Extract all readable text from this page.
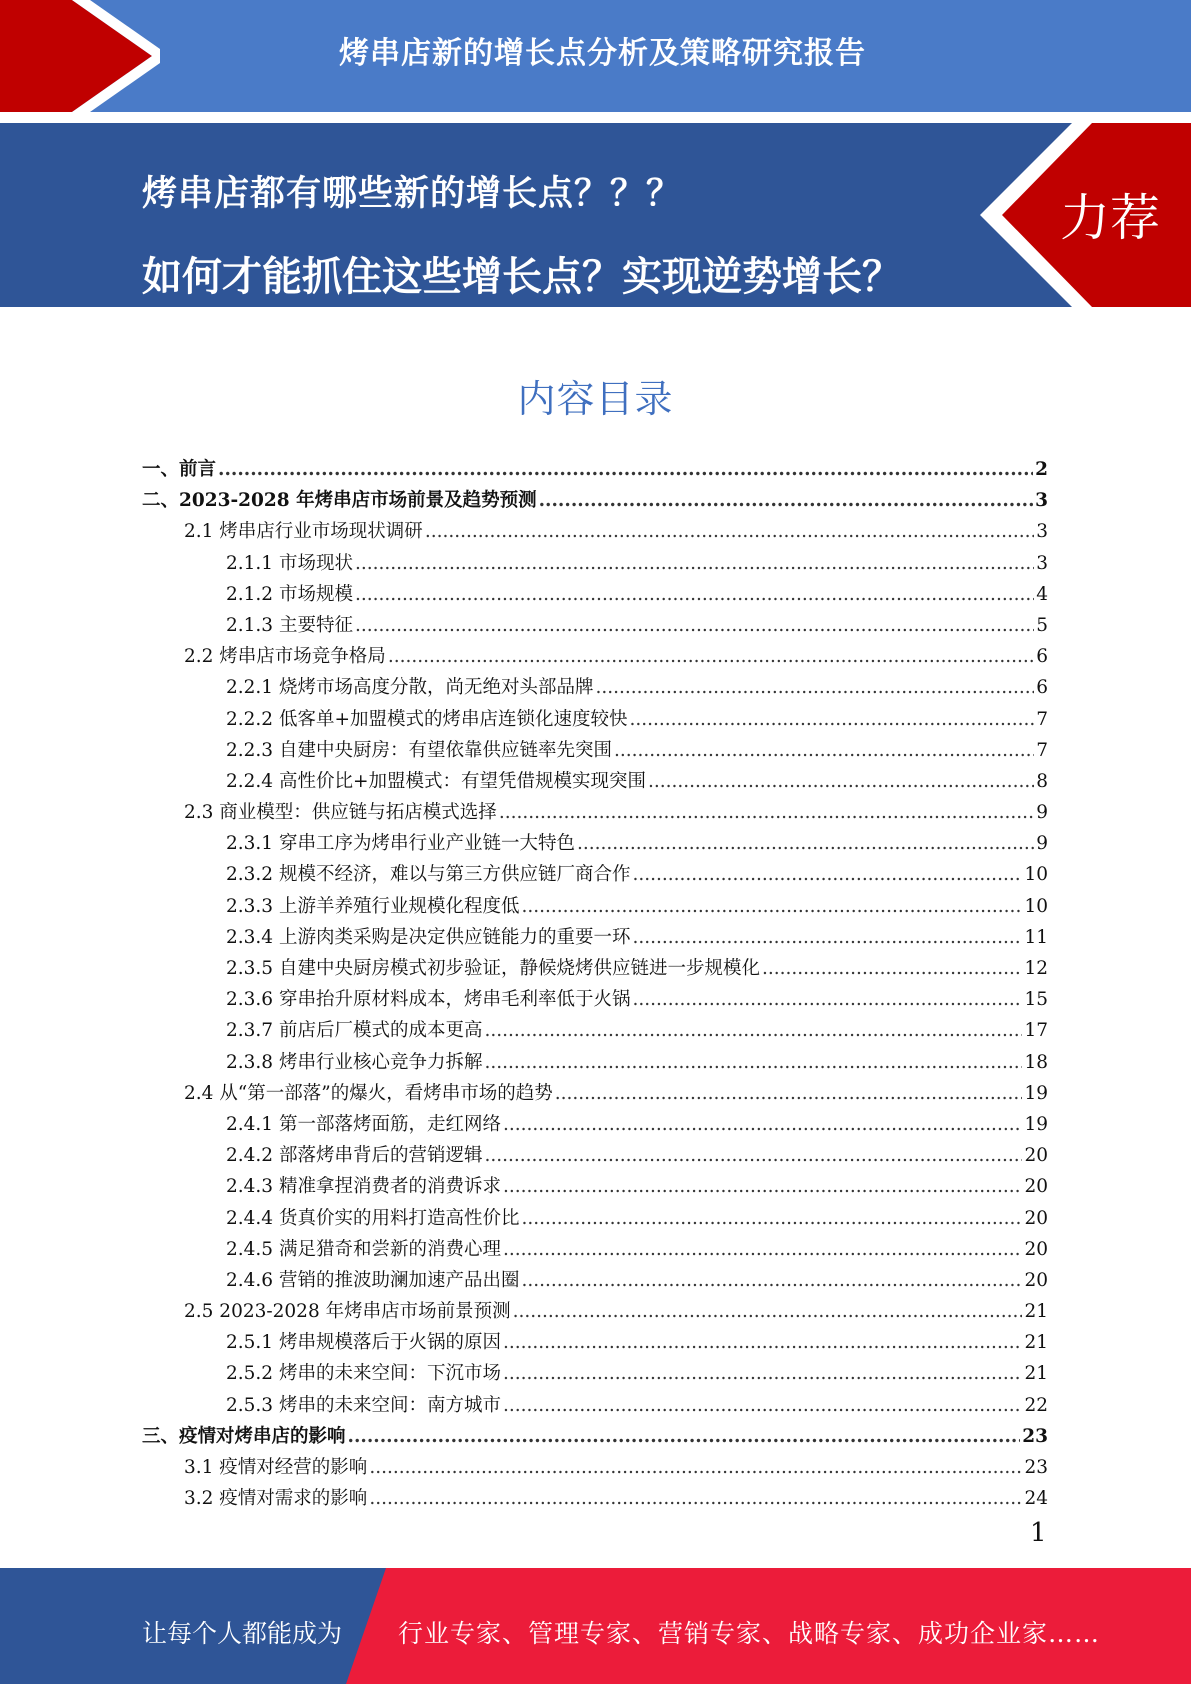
烤串店新的增长点分析及策略研究报告
烤串店都有哪些新的增长点？？？
如何才能抓住这些增长点？实现逆势增长？
力荐
内容目录
一、前言 .....	2
二、2023-2028 年烤串店市场前景及趋势预测 .....	3
2.1 烤串店行业市场现状调研 .....	3
2.1.1 市场现状 .....	3
2.1.2 市场规模 .....	4
2.1.3 主要特征 .....	5
2.2 烤串店市场竞争格局 .....	6
2.2.1 烧烤市场高度分散，尚无绝对头部品牌 .....	6
2.2.2 低客单+加盟模式的烤串店连锁化速度较快 .....	7
2.2.3 自建中央厨房：有望依靠供应链率先突围 .....	7
2.2.4 高性价比+加盟模式：有望凭借规模实现突围 .....	8
2.3 商业模型：供应链与拓店模式选择 .....	9
2.3.1 穿串工序为烤串行业产业链一大特色 .....	9
2.3.2 规模不经济，难以与第三方供应链厂商合作 .....	10
2.3.3 上游羊养殖行业规模化程度低 .....	10
2.3.4 上游肉类采购是决定供应链能力的重要一环 .....	11
2.3.5 自建中央厨房模式初步验证，静候烧烤供应链进一步规模化 .....	12
2.3.6 穿串抬升原材料成本，烤串毛利率低于火锅 .....	15
2.3.7 前店后厂模式的成本更高 .....	17
2.3.8 烤串行业核心竞争力拆解 .....	18
2.4 从“第一部落”的爆火，看烤串市场的趋势 .....	19
2.4.1 第一部落烤面筋，走红网络 .....	19
2.4.2 部落烤串背后的营销逻辑 .....	20
2.4.3 精准拿捏消费者的消费诉求 .....	20
2.4.4 货真价实的用料打造高性价比 .....	20
2.4.5 满足猎奇和尝新的消费心理 .....	20
2.4.6 营销的推波助澜加速产品出圈 .....	20
2.5 2023-2028 年烤串店市场前景预测 .....	21
2.5.1 烤串规模落后于火锅的原因 .....	21
2.5.2 烤串的未来空间：下沉市场 .....	21
2.5.3 烤串的未来空间：南方城市 .....	22
三、疫情对烤串店的影响 .....	23
3.1 疫情对经营的影响 .....	23
3.2 疫情对需求的影响 .....	24
1
让每个人都能成为 行业专家、管理专家、营销专家、战略专家、成功企业家……
